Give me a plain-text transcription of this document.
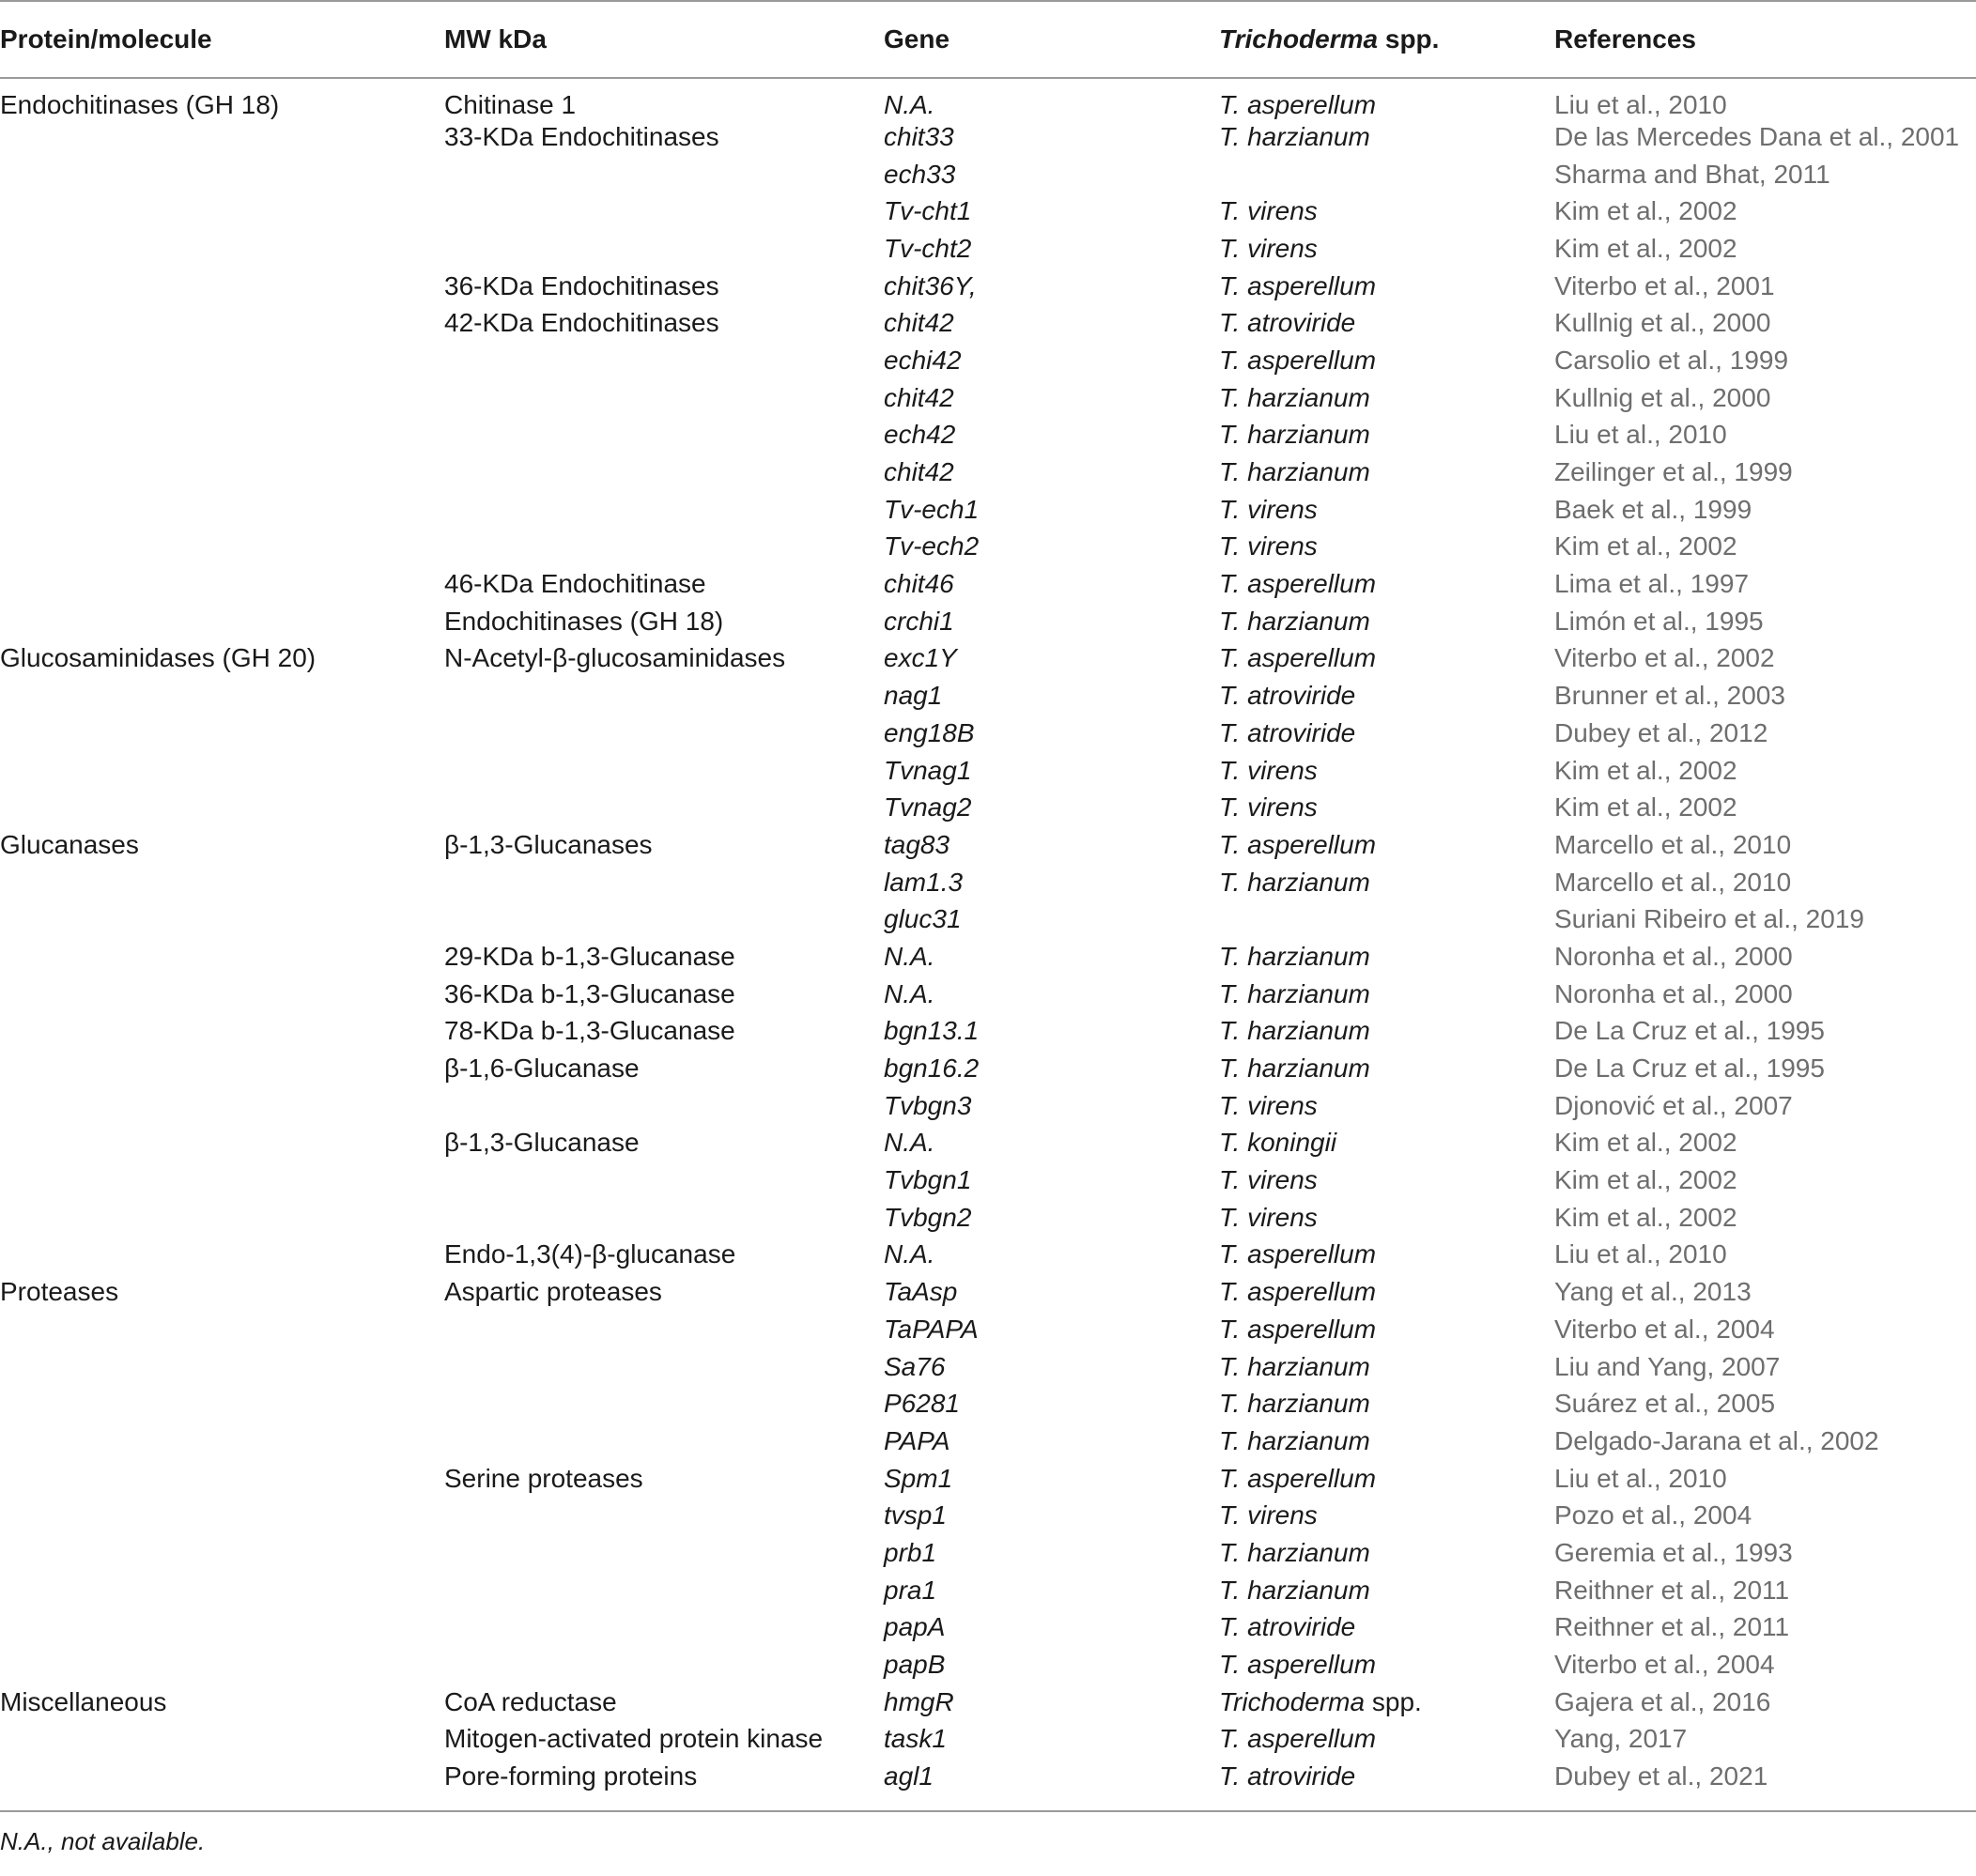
Protein/molecule	MW kDa	Gene	Trichoderma spp.	References
Endochitinases (GH 18)	Chitinase 1	N.A.	T. asperellum	Liu et al., 2010
	33-KDa Endochitinases	chit33	T. harzianum	De las Mercedes Dana et al., 2001
		ech33		Sharma and Bhat, 2011
		Tv-cht1	T. virens	Kim et al., 2002
		Tv-cht2	T. virens	Kim et al., 2002
	36-KDa Endochitinases	chit36Y,	T. asperellum	Viterbo et al., 2001
	42-KDa Endochitinases	chit42	T. atroviride	Kullnig et al., 2000
		echi42	T. asperellum	Carsolio et al., 1999
		chit42	T. harzianum	Kullnig et al., 2000
		ech42	T. harzianum	Liu et al., 2010
		chit42	T. harzianum	Zeilinger et al., 1999
		Tv-ech1	T. virens	Baek et al., 1999
		Tv-ech2	T. virens	Kim et al., 2002
	46-KDa Endochitinase	chit46	T. asperellum	Lima et al., 1997
	Endochitinases (GH 18)	crchi1	T. harzianum	Limón et al., 1995
Glucosaminidases (GH 20)	N-Acetyl-β-glucosaminidases	exc1Y	T. asperellum	Viterbo et al., 2002
		nag1	T. atroviride	Brunner et al., 2003
		eng18B	T. atroviride	Dubey et al., 2012
		Tvnag1	T. virens	Kim et al., 2002
		Tvnag2	T. virens	Kim et al., 2002
Glucanases	β-1,3-Glucanases	tag83	T. asperellum	Marcello et al., 2010
		lam1.3	T. harzianum	Marcello et al., 2010
		gluc31		Suriani Ribeiro et al., 2019
	29-KDa b-1,3-Glucanase	N.A.	T. harzianum	Noronha et al., 2000
	36-KDa b-1,3-Glucanase	N.A.	T. harzianum	Noronha et al., 2000
	78-KDa b-1,3-Glucanase	bgn13.1	T. harzianum	De La Cruz et al., 1995
	β-1,6-Glucanase	bgn16.2	T. harzianum	De La Cruz et al., 1995
		Tvbgn3	T. virens	Djonović et al., 2007
	β-1,3-Glucanase	N.A.	T. koningii	Kim et al., 2002
		Tvbgn1	T. virens	Kim et al., 2002
		Tvbgn2	T. virens	Kim et al., 2002
	Endo-1,3(4)-β-glucanase	N.A.	T. asperellum	Liu et al., 2010
Proteases	Aspartic proteases	TaAsp	T. asperellum	Yang et al., 2013
		TaPAPA	T. asperellum	Viterbo et al., 2004
		Sa76	T. harzianum	Liu and Yang, 2007
		P6281	T. harzianum	Suárez et al., 2005
		PAPA	T. harzianum	Delgado-Jarana et al., 2002
	Serine proteases	Spm1	T. asperellum	Liu et al., 2010
		tvsp1	T. virens	Pozo et al., 2004
		prb1	T. harzianum	Geremia et al., 1993
		pra1	T. harzianum	Reithner et al., 2011
		papA	T. atroviride	Reithner et al., 2011
		papB	T. asperellum	Viterbo et al., 2004
Miscellaneous	CoA reductase	hmgR	Trichoderma spp.	Gajera et al., 2016
	Mitogen-activated protein kinase	task1	T. asperellum	Yang, 2017
	Pore-forming proteins	agl1	T. atroviride	Dubey et al., 2021
N.A., not available.
